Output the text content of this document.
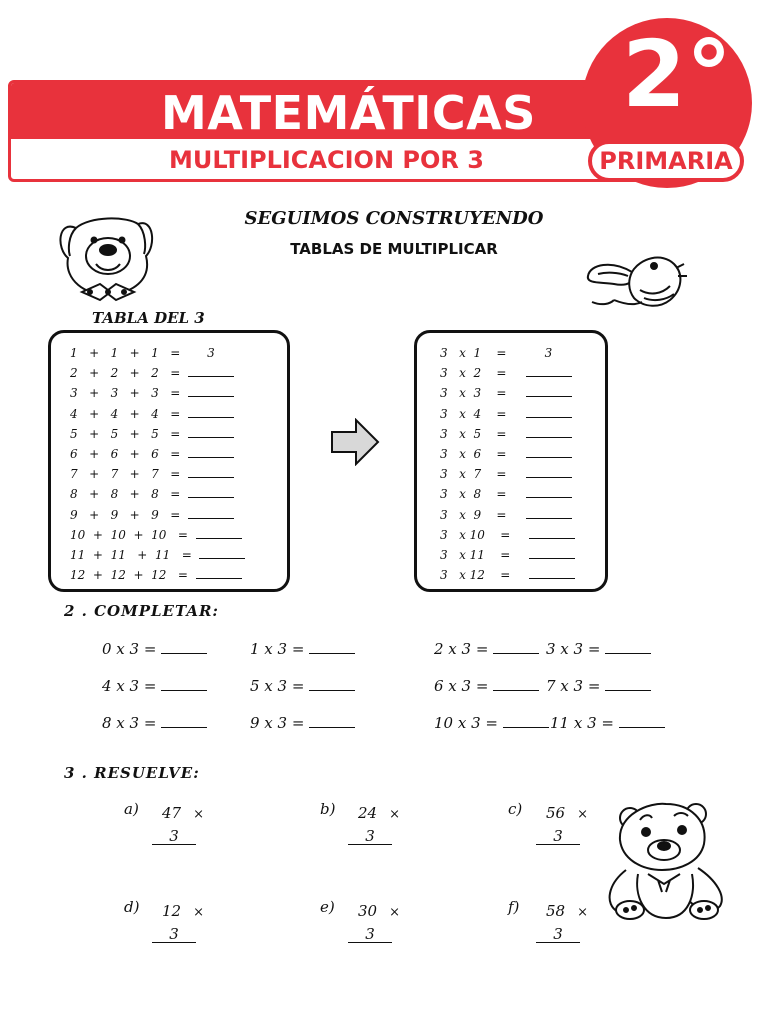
MATEMÁTICAS
MULTIPLICACION POR 3
2°
PRIMARIA
SEGUIMOS CONSTRUYENDO
TABLAS DE MULTIPLICAR
TABLA DEL 3
1   +   1   +   1   = 3
2   +   2   +   2   =
3   +   3   +   3   =
4   +   4   +   4   =
5   +   5   +   5   =
6   +   6   +   6   =
7   +   7   +   7   =
8   +   8   +   8   =
9   +   9   +   9   =
10  +  10  +  10   =
11  +  11   +  11   =
12  +  12  +  12   =
3   x  1    =	3
3   x  2    =
3   x  3    =
3   x  4    =
3   x  5    =
3   x  6    =
3   x  7    =
3   x  8    =
3   x  9    =
3   x 10    =
3   x 11    =
3   x 12    =
2 . COMPLETAR:
0 x 3 =	1 x 3 =	2 x 3 =	3 x 3 =
4 x 3 =	5 x 3 =	6 x 3 =	7 x 3 =
8 x 3 =	9 x 3 =	10 x 3 =	11 x 3 =
3 . RESUELVE:
a) 47 ×
3
b) 24 ×
3
c) 56 ×
3
d) 12 ×
3
e) 30 ×
3
f) 58 ×
3
